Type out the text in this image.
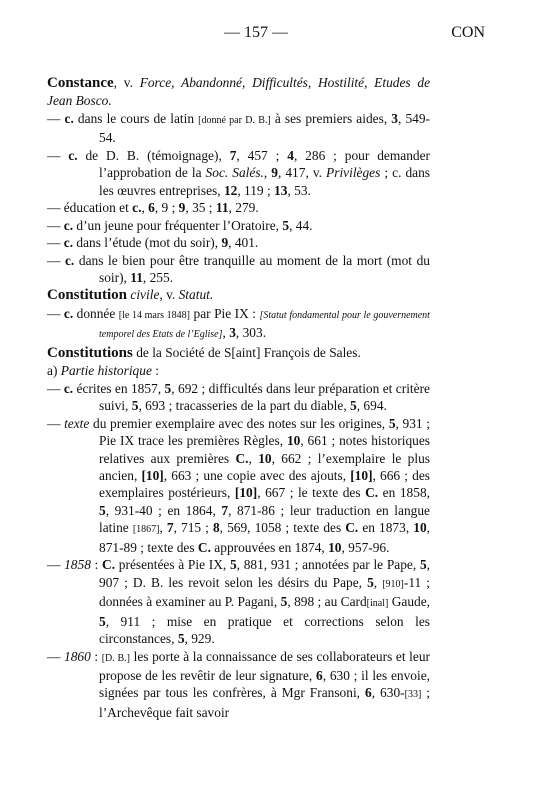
— 157 —	CON
Constance, v. Force, Abandonné, Difficultés, Hostilité, Etudes de Jean Bosco.
— c. dans le cours de latin [donné par D. B.] à ses premiers aides, 3, 549-54.
— c. de D. B. (témoignage), 7, 457 ; 4, 286 ; pour demander l’approbation de la Soc. Salés., 9, 417, v. Privilèges ; c. dans les œuvres entreprises, 12, 119 ; 13, 53.
— éducation et c., 6, 9 ; 9, 35 ; 11, 279.
— c. d’un jeune pour fréquenter l’Oratoire, 5, 44.
— c. dans l’étude (mot du soir), 9, 401.
— c. dans le bien pour être tranquille au moment de la mort (mot du soir), 11, 255.
Constitution civile, v. Statut.
— c. donnée [le 14 mars 1848] par Pie IX : [Statut fondamental pour le gouvernement temporel des Etats de l’Eglise], 3, 303.
Constitutions de la Société de S[aint] François de Sales.
a) Partie historique :
— c. écrites en 1857, 5, 692 ; difficultés dans leur préparation et critère suivi, 5, 693 ; tracasseries de la part du diable, 5, 694.
— texte du premier exemplaire avec des notes sur les origines, 5, 931 ; Pie IX trace les premières Règles, 10, 661 ; notes historiques relatives aux premières C., 10, 662 ; l’exemplaire le plus ancien, [10], 663 ; une copie avec des ajouts, [10], 666 ; des exemplaires postérieurs, [10], 667 ; le texte des C. en 1858, 5, 931-40 ; en 1864, 7, 871-86 ; leur traduction en langue latine [1867], 7, 715 ; 8, 569, 1058 ; texte des C. en 1873, 10, 871-89 ; texte des C. approuvées en 1874, 10, 957-96.
— 1858 : C. présentées à Pie IX, 5, 881, 931 ; annotées par le Pape, 5, 907 ; D. B. les revoit selon les désirs du Pape, 5, [910]-11 ; données à examiner au P. Pagani, 5, 898 ; au Card[inal] Gaude, 5, 911 ; mise en pratique et corrections selon les circonstances, 5, 929.
— 1860 : [D. B.] les porte à la connaissance de ses collaborateurs et leur propose de les revêtir de leur signature, 6, 630 ; il les envoie, signées par tous les confrères, à Mgr Fransoni, 6, 630-[33] ; l’Archevêque fait savoir
